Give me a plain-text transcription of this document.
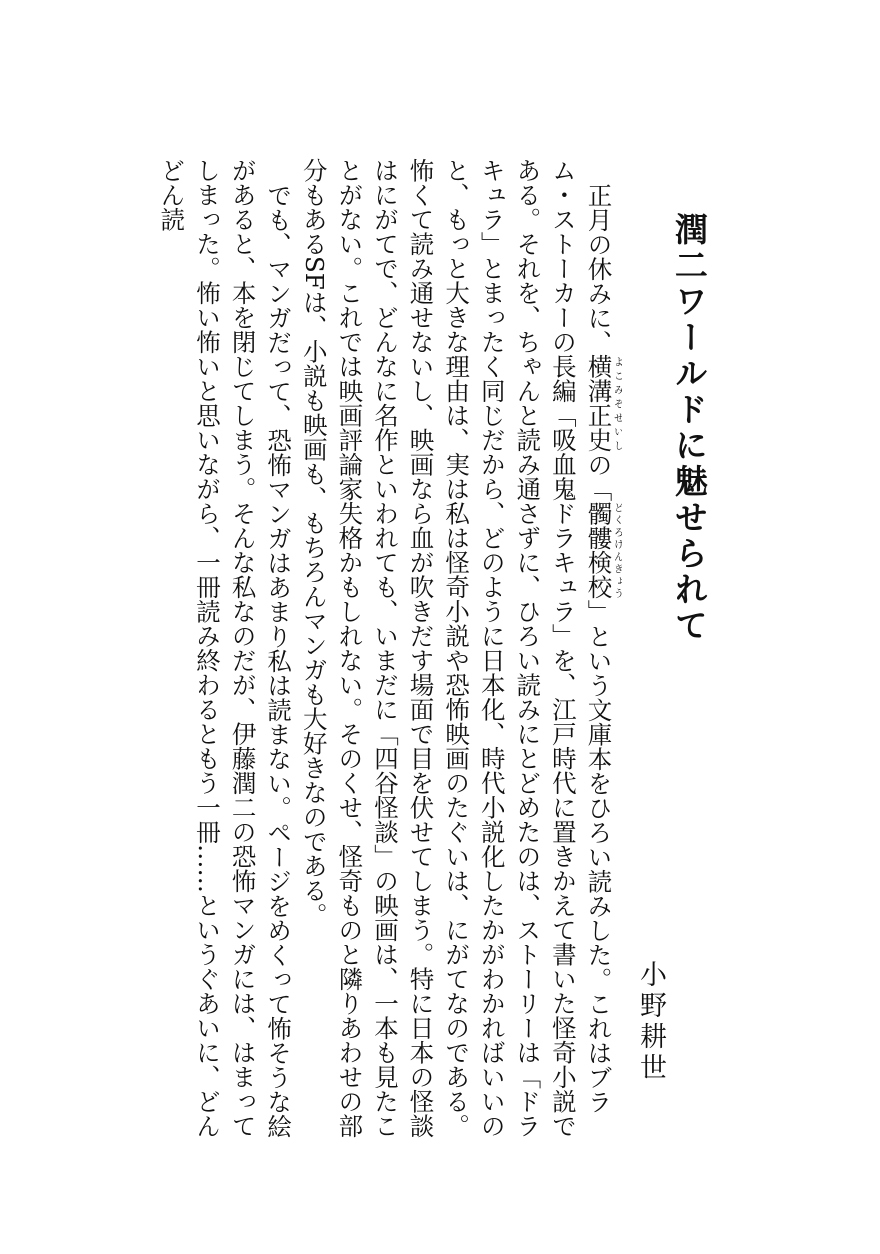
潤二ワールドに魅せられて
小野耕世

正月の休みに、横溝正史よこみぞせいしの「髑髏検校どくろけんぎょう」という文庫本をひろい読みした。これはブラム・ストーカーの長編「吸血鬼ドラキュラ」を、江戸時代に置きかえて書いた怪奇小説である。それを、ちゃんと読み通さずに、ひろい読みにとどめたのは、ストーリーは「ドラキュラ」とまったく同じだから、どのように日本化、時代小説化したかがわかればいいのと、もっと大きな理由は、実は私は怪奇小説や恐怖映画のたぐいは、にがてなのである。怖くて読み通せないし、映画なら血が吹きだす場面で目を伏せてしまう。特に日本の怪談はにがてで、どんなに名作といわれても、いまだに「四谷怪談」の映画は、一本も見たことがない。これでは映画評論家失格かもしれない。そのくせ、怪奇ものと隣りあわせの部分もあるSFは、小説も映画も、もちろんマンガも大好きなのである。

でも、マンガだって、恐怖マンガはあまり私は読まない。ページをめくって怖そうな絵があると、本を閉じてしまう。そんな私なのだが、伊藤潤二の恐怖マンガには、はまってしまった。怖い怖いと思いながら、一冊読み終わるともう一冊……というぐあいに、どんどん読
